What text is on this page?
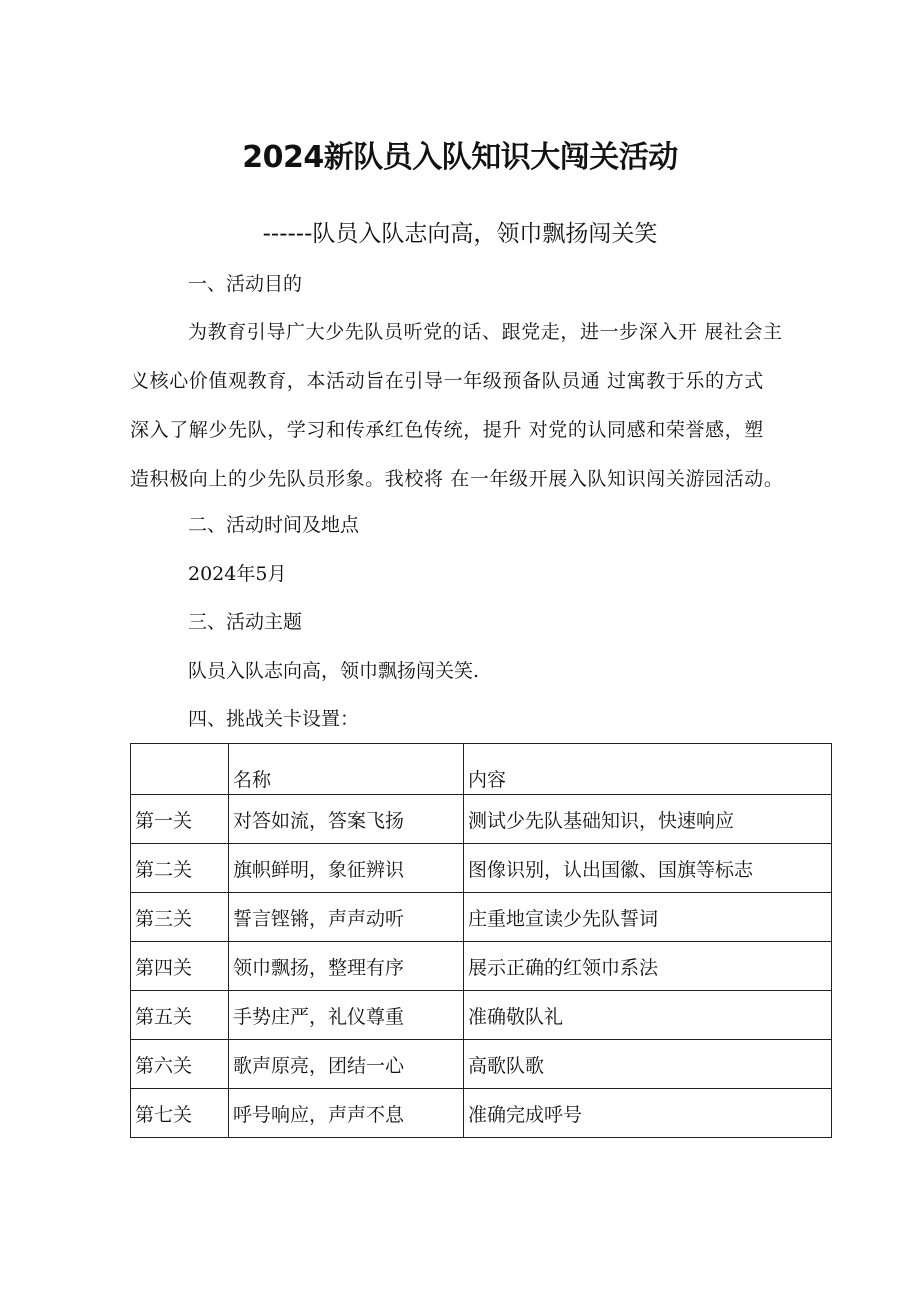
2024新队员入队知识大闯关活动
------队员入队志向高，领巾飘扬闯关笑
一、活动目的
为教育引导广大少先队员听党的话、跟党走，进一步深入开 展社会主
义核心价值观教育，本活动旨在引导一年级预备队员通 过寓教于乐的方式
深入了解少先队，学习和传承红色传统，提升 对党的认同感和荣誉感，塑
造积极向上的少先队员形象。我校将 在一年级开展入队知识闯关游园活动。
二、活动时间及地点
2024年5月
三、活动主题
队员入队志向高，领巾飘扬闯关笑.
四、挑战关卡设置：
	名称	内容
第一关	对答如流，答案飞扬	测试少先队基础知识，快速响应
第二关	旗帜鲜明，象征辨识	图像识别，认出国徽、国旗等标志
第三关	誓言铿锵，声声动听	庄重地宣读少先队誓词
第四关	领巾飘扬，整理有序	展示正确的红领巾系法
第五关	手势庄严，礼仪尊重	准确敬队礼
第六关	歌声原亮，团结一心	高歌队歌
第七关	呼号响应，声声不息	准确完成呼号
